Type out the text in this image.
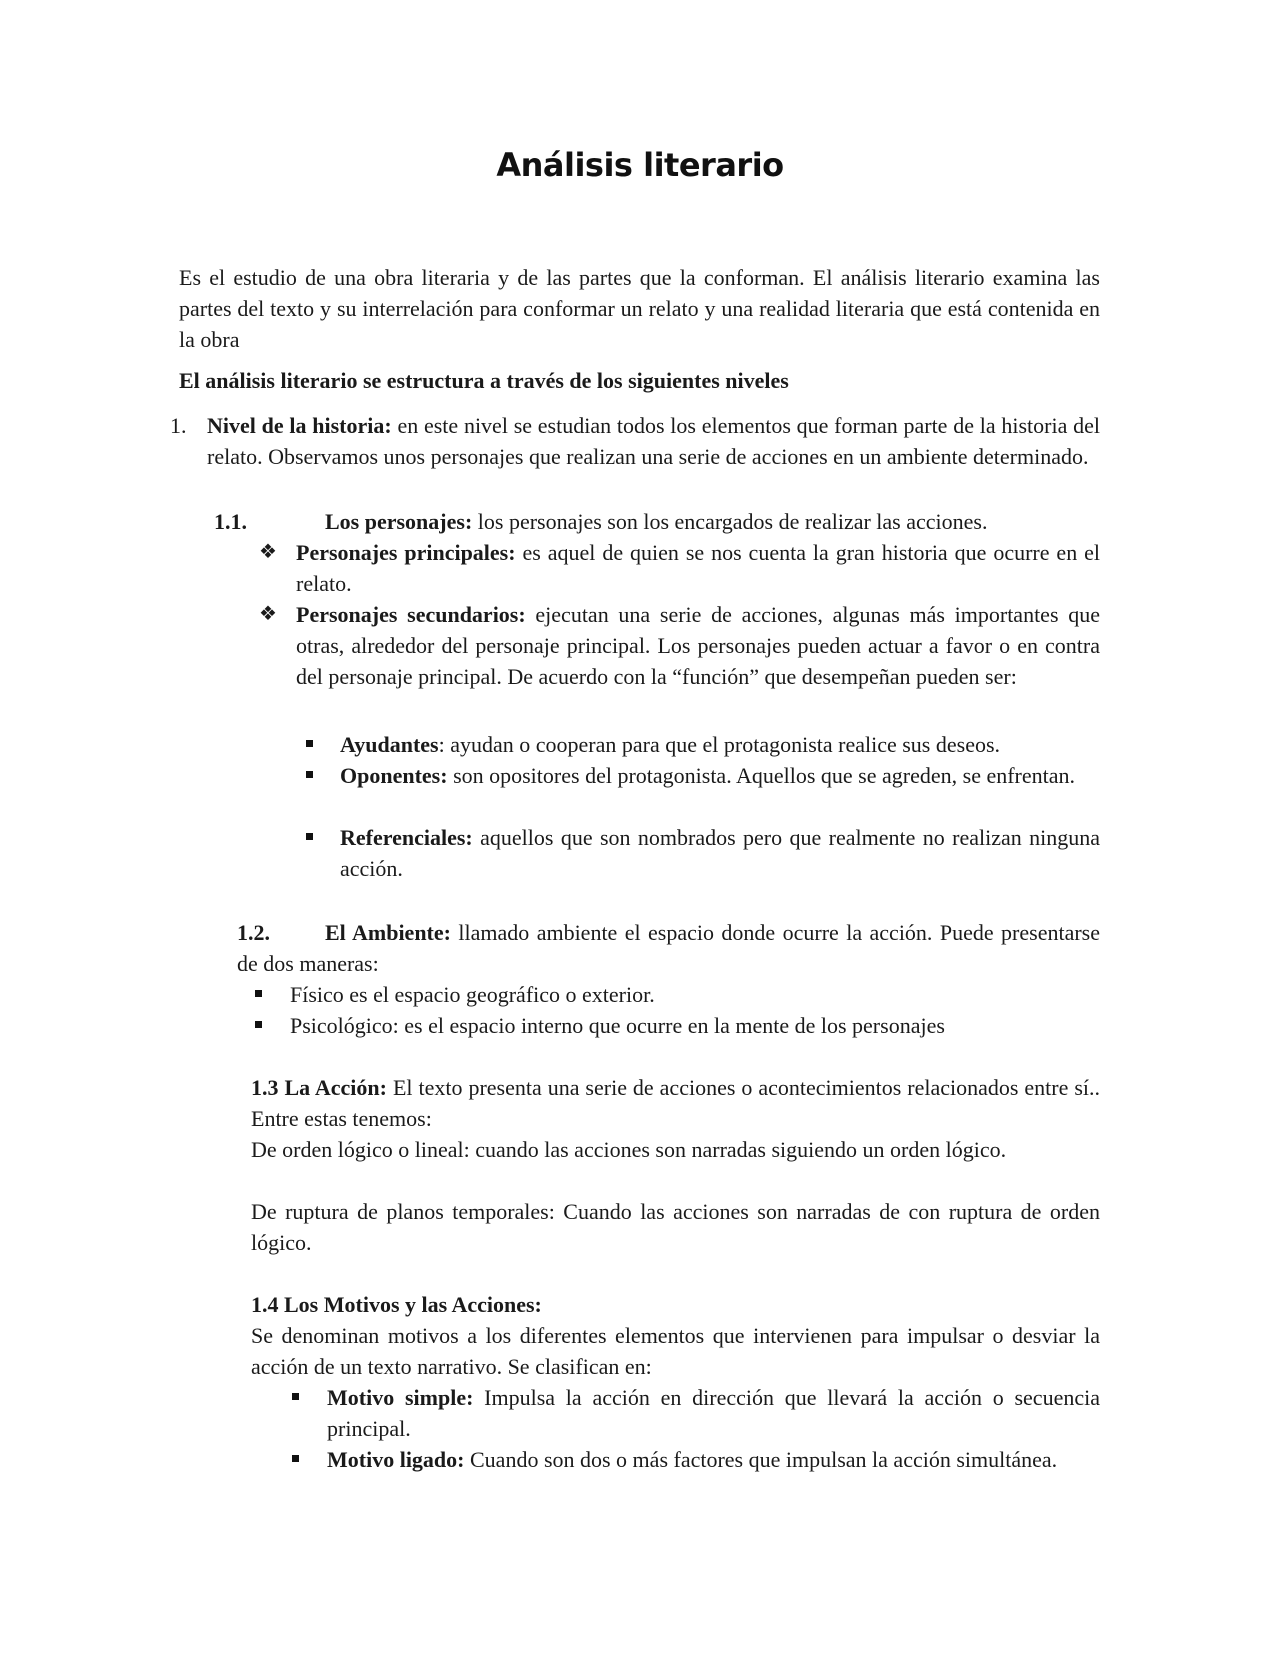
Análisis literario
Es el estudio de una obra literaria y de las partes que la conforman. El análisis literario examina las partes del texto y su interrelación para conformar un relato y una realidad literaria que está contenida en la obra
El análisis literario se estructura a través de los siguientes niveles
1. Nivel de la historia: en este nivel se estudian todos los elementos que forman parte de la historia del relato. Observamos unos personajes que realizan una serie de acciones en un ambiente determinado.
1.1.	Los personajes: los personajes son los encargados de realizar las acciones.
❖ Personajes principales: es aquel de quien se nos cuenta la gran historia que ocurre en el relato.
❖ Personajes secundarios: ejecutan una serie de acciones, algunas más importantes que otras, alrededor del personaje principal. Los personajes pueden actuar a favor o en contra del personaje principal. De acuerdo con la “función” que desempeñan pueden ser:
Ayudantes: ayudan o cooperan para que el protagonista realice sus deseos.
Oponentes: son opositores del protagonista. Aquellos que se agreden, se enfrentan.
Referenciales: aquellos que son nombrados pero que realmente no realizan ninguna acción.
El Ambiente: llamado ambiente el espacio donde ocurre la acción. Puede presentarse de dos maneras:
1.2.
Físico es el espacio geográfico o exterior.
Psicológico: es el espacio interno que ocurre en la mente de los personajes
1.3 La Acción: El texto presenta una serie de acciones o acontecimientos relacionados entre sí.. Entre estas tenemos:
De orden lógico o lineal: cuando las acciones son narradas siguiendo un orden lógico.
De ruptura de planos temporales: Cuando las acciones son narradas de con ruptura de orden lógico.
1.4 Los Motivos y las Acciones:
Se denominan motivos a los diferentes elementos que intervienen para impulsar o desviar la acción de un texto narrativo. Se clasifican en:
Motivo simple: Impulsa la acción en dirección que llevará la acción o secuencia principal.
Motivo ligado: Cuando son dos o más factores que impulsan la acción simultánea.
